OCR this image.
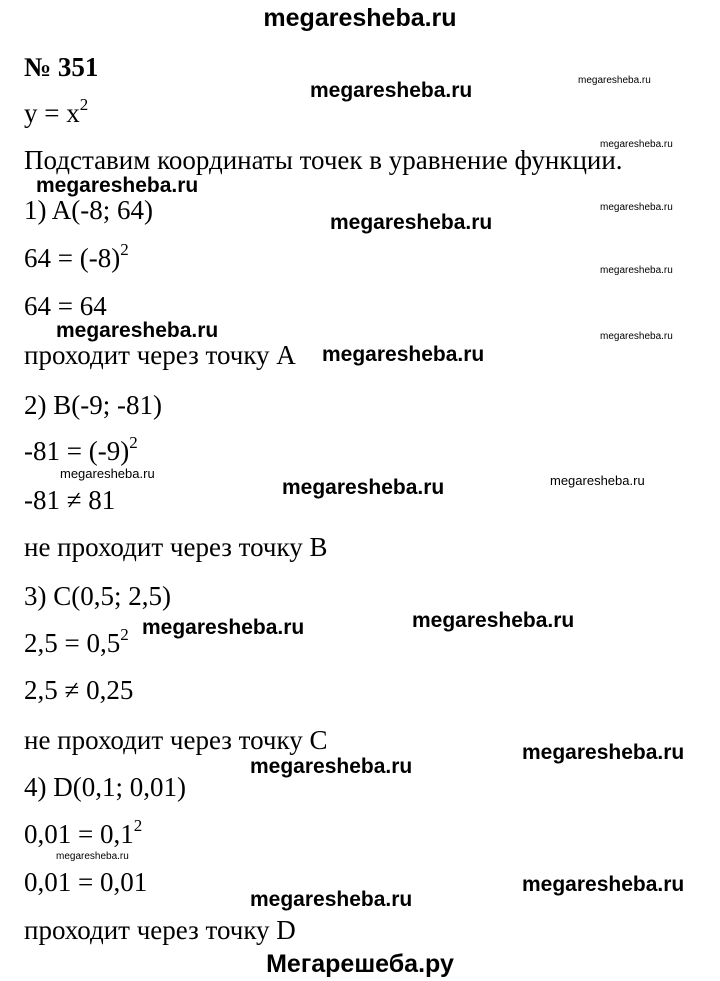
megaresheba.ru
№ 351
$y = x^2$
Подставим координаты точек в уравнение функции.
1) A(-8; 64)
$64 = (-8)^2$
64 = 64
проходит через точку А
2) B(-9; -81)
$-81 = (-9)^2$
-81 ≠ 81
не проходит через точку B
3) C(0,5; 2,5)
$2,5 = 0,5^2$
2,5 ≠ 0,25
не проходит через точку C
4) D(0,1; 0,01)
$0,01 = 0,1^2$
0,01 = 0,01
проходит через точку D
megaresheba.ru	megaresheba.ru
megaresheba.ru
megaresheba.ru
megaresheba.ru
megaresheba.ru
megaresheba.ru
megaresheba.ru	megaresheba.ru
megaresheba.ru
megaresheba.ru
megaresheba.ru	megaresheba.ru
megaresheba.ru
megaresheba.ru
megaresheba.ru
megaresheba.ru
megaresheba.ru
megaresheba.ru
megaresheba.ru
Мегарешеба.ру
